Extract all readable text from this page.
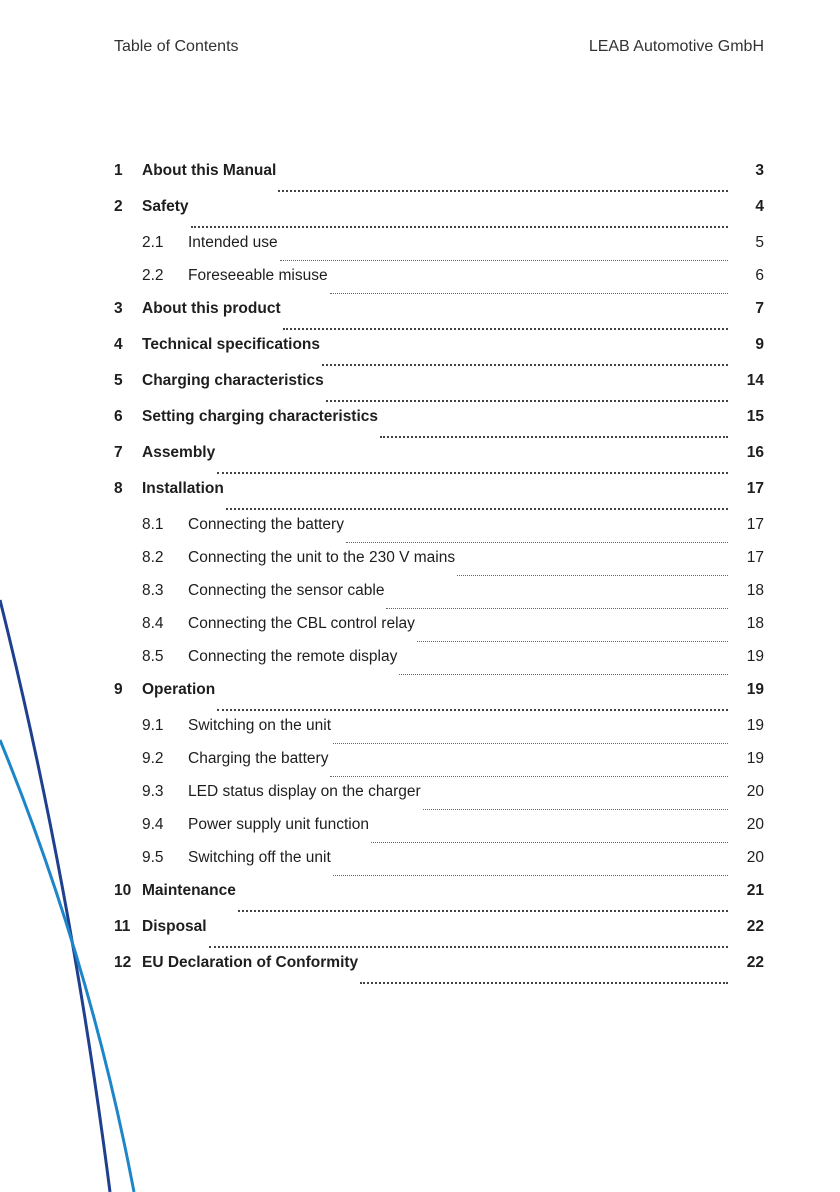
Table of Contents	LEAB Automotive GmbH
1	About this Manual	3
2	Safety	4
2.1	Intended use	5
2.2	Foreseeable misuse	6
3	About this product	7
4	Technical specifications	9
5	Charging characteristics	14
6	Setting charging characteristics	15
7	Assembly	16
8	Installation	17
8.1	Connecting the battery	17
8.2	Connecting the unit to the 230 V mains	17
8.3	Connecting the sensor cable	18
8.4	Connecting the CBL control relay	18
8.5	Connecting the remote display	19
9	Operation	19
9.1	Switching on the unit	19
9.2	Charging the battery	19
9.3	LED status display on the charger	20
9.4	Power supply unit function	20
9.5	Switching off the unit	20
10 Maintenance	21
11 Disposal	22
12 EU Declaration of Conformity	22
